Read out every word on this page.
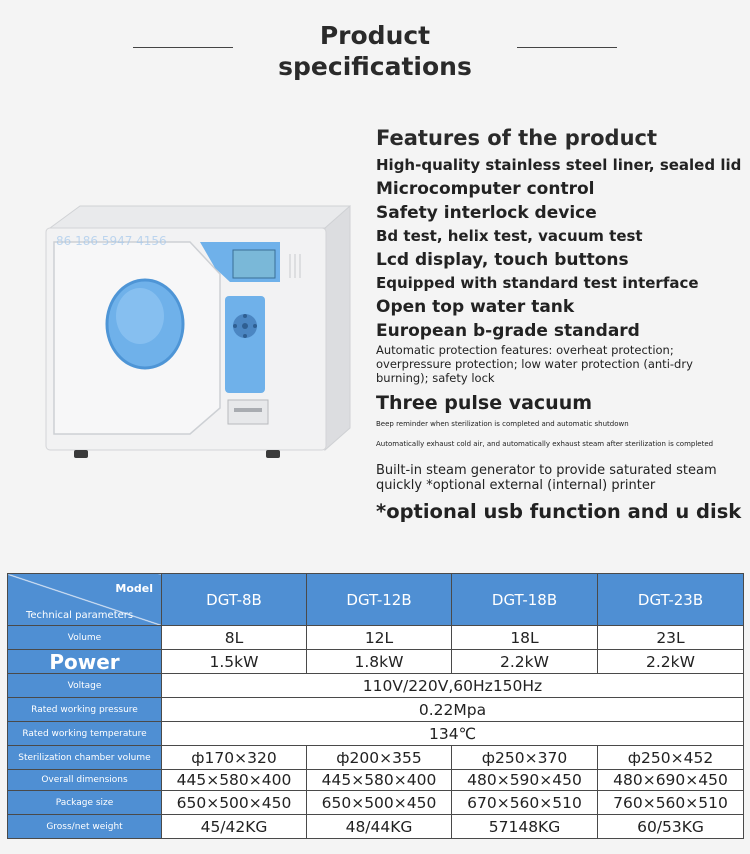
Product
specifications
86 186 5947 4156
Features of the product
High-quality stainless steel liner, sealed lid
Microcomputer control
Safety interlock device
Bd test, helix test, vacuum test
Lcd display, touch buttons
Equipped with standard test interface
Open top water tank
European b-grade standard
Automatic protection features: overheat protection; overpressure protection; low water protection (anti-dry burning); safety lock
Three pulse vacuum
Beep reminder when sterilization is completed and automatic shutdown
Automatically exhaust cold air, and automatically exhaust steam after sterilization is completed
Built-in steam generator to provide saturated steam quickly *optional external (internal) printer
*optional usb function and u disk
Model
Technical parameters	DGT-8B	DGT-12B	DGT-18B	DGT-23B
Volume	8L	12L	18L	23L
Power	1.5kW	1.8kW	2.2kW	2.2kW
Voltage	110V/220V,60Hz150Hz			
Rated working pressure	0.22Mpa			
Rated working temperature	134℃			
Sterilization chamber volume	ф170×320	ф200×355	ф250×370	ф250×452
Overall dimensions	445×580×400	445×580×400	480×590×450	480×690×450
Package size	650×500×450	650×500×450	670×560×510	760×560×510
Gross/net weight	45/42KG	48/44KG	57148KG	60/53KG
